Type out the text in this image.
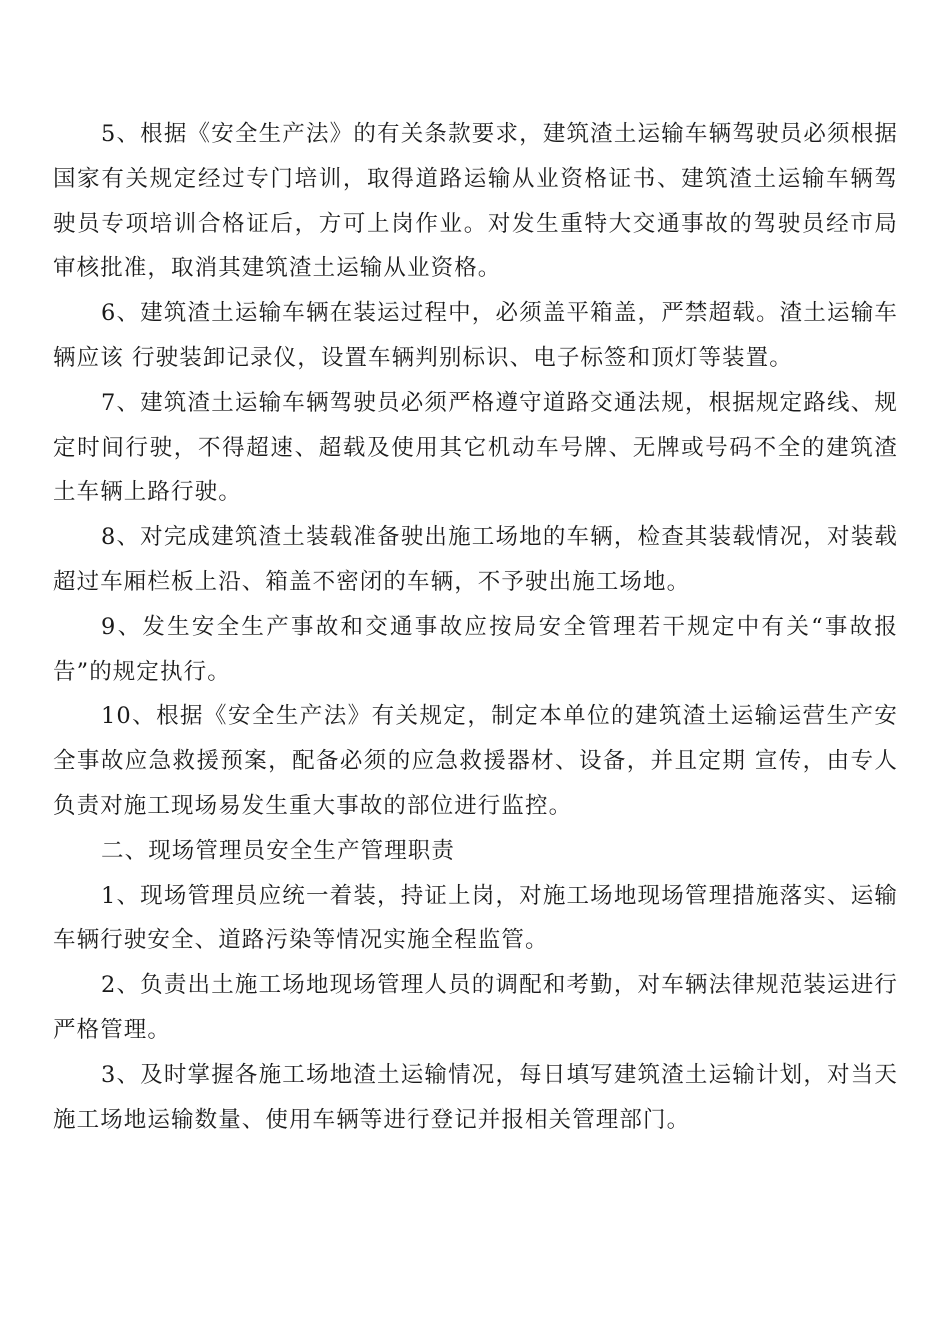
5、根据《安全生产法》的有关条款要求，建筑渣土运输车辆驾驶员必须根据国家有关规定经过专门培训，取得道路运输从业资格证书、建筑渣土运输车辆驾驶员专项培训合格证后，方可上岗作业。对发生重特大交通事故的驾驶员经市局审核批准，取消其建筑渣土运输从业资格。

6、建筑渣土运输车辆在装运过程中，必须盖平箱盖，严禁超载。渣土运输车辆应该 行驶装卸记录仪，设置车辆判别标识、电子标签和顶灯等装置。

7、建筑渣土运输车辆驾驶员必须严格遵守道路交通法规，根据规定路线、规定时间行驶，不得超速、超载及使用其它机动车号牌、无牌或号码不全的建筑渣土车辆上路行驶。

8、对完成建筑渣土装载准备驶出施工场地的车辆，检查其装载情况，对装载超过车厢栏板上沿、箱盖不密闭的车辆，不予驶出施工场地。

9、发生安全生产事故和交通事故应按局安全管理若干规定中有关“事故报告”的规定执行。

10、根据《安全生产法》有关规定，制定本单位的建筑渣土运输运营生产安全事故应急救援预案，配备必须的应急救援器材、设备，并且定期 宣传，由专人负责对施工现场易发生重大事故的部位进行监控。

二、现场管理员安全生产管理职责

1、现场管理员应统一着装，持证上岗，对施工场地现场管理措施落实、运输车辆行驶安全、道路污染等情况实施全程监管。

2、负责出土施工场地现场管理人员的调配和考勤，对车辆法律规范装运进行严格管理。

3、及时掌握各施工场地渣土运输情况，每日填写建筑渣土运输计划，对当天施工场地运输数量、使用车辆等进行登记并报相关管理部门。
